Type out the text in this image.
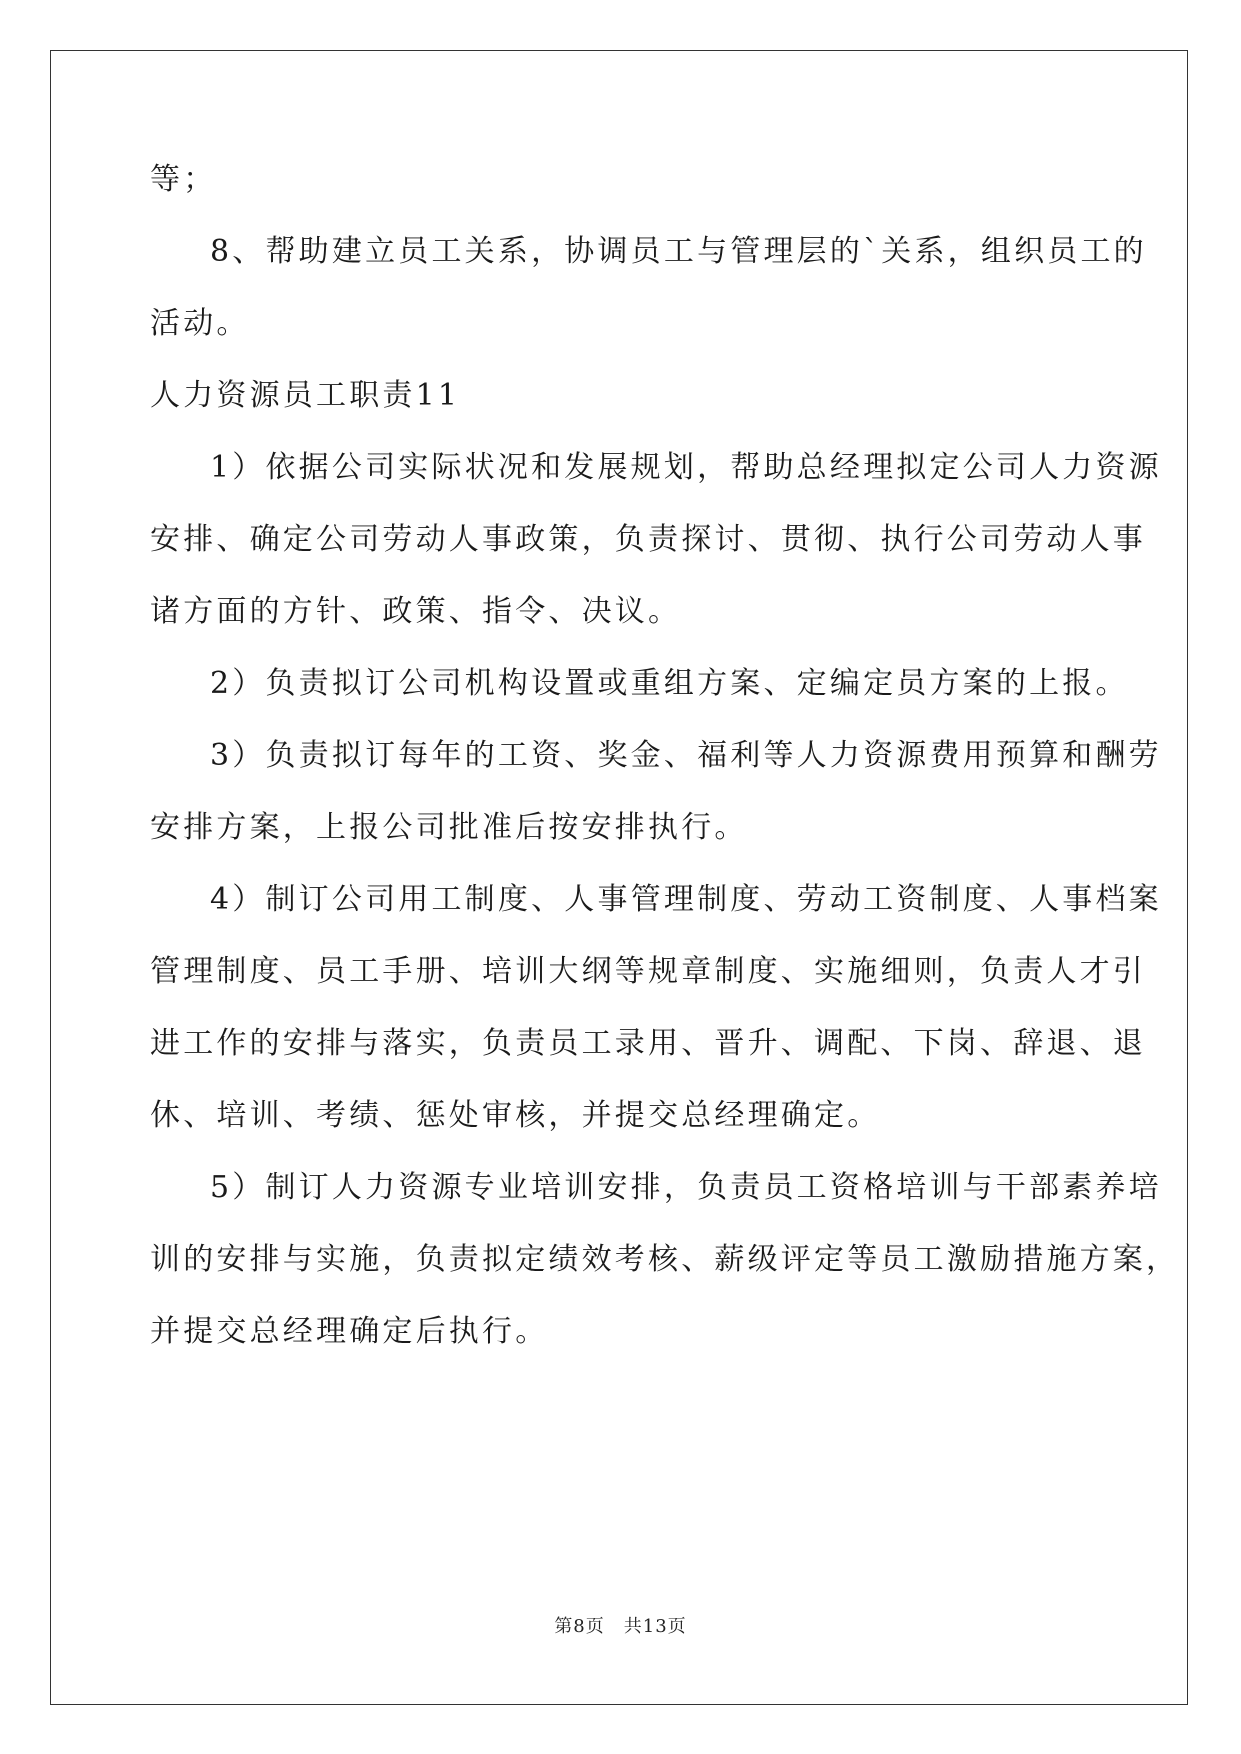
等；
8、帮助建立员工关系，协调员工与管理层的`关系，组织员工的
活动。
人力资源员工职责11
1）依据公司实际状况和发展规划，帮助总经理拟定公司人力资源
安排、确定公司劳动人事政策，负责探讨、贯彻、执行公司劳动人事
诸方面的方针、政策、指令、决议。
2）负责拟订公司机构设置或重组方案、定编定员方案的上报。
3）负责拟订每年的工资、奖金、福利等人力资源费用预算和酬劳
安排方案，上报公司批准后按安排执行。
4）制订公司用工制度、人事管理制度、劳动工资制度、人事档案
管理制度、员工手册、培训大纲等规章制度、实施细则，负责人才引
进工作的安排与落实，负责员工录用、晋升、调配、下岗、辞退、退
休、培训、考绩、惩处审核，并提交总经理确定。
5）制订人力资源专业培训安排，负责员工资格培训与干部素养培
训的安排与实施，负责拟定绩效考核、薪级评定等员工激励措施方案，
并提交总经理确定后执行。
第8页　共13页
